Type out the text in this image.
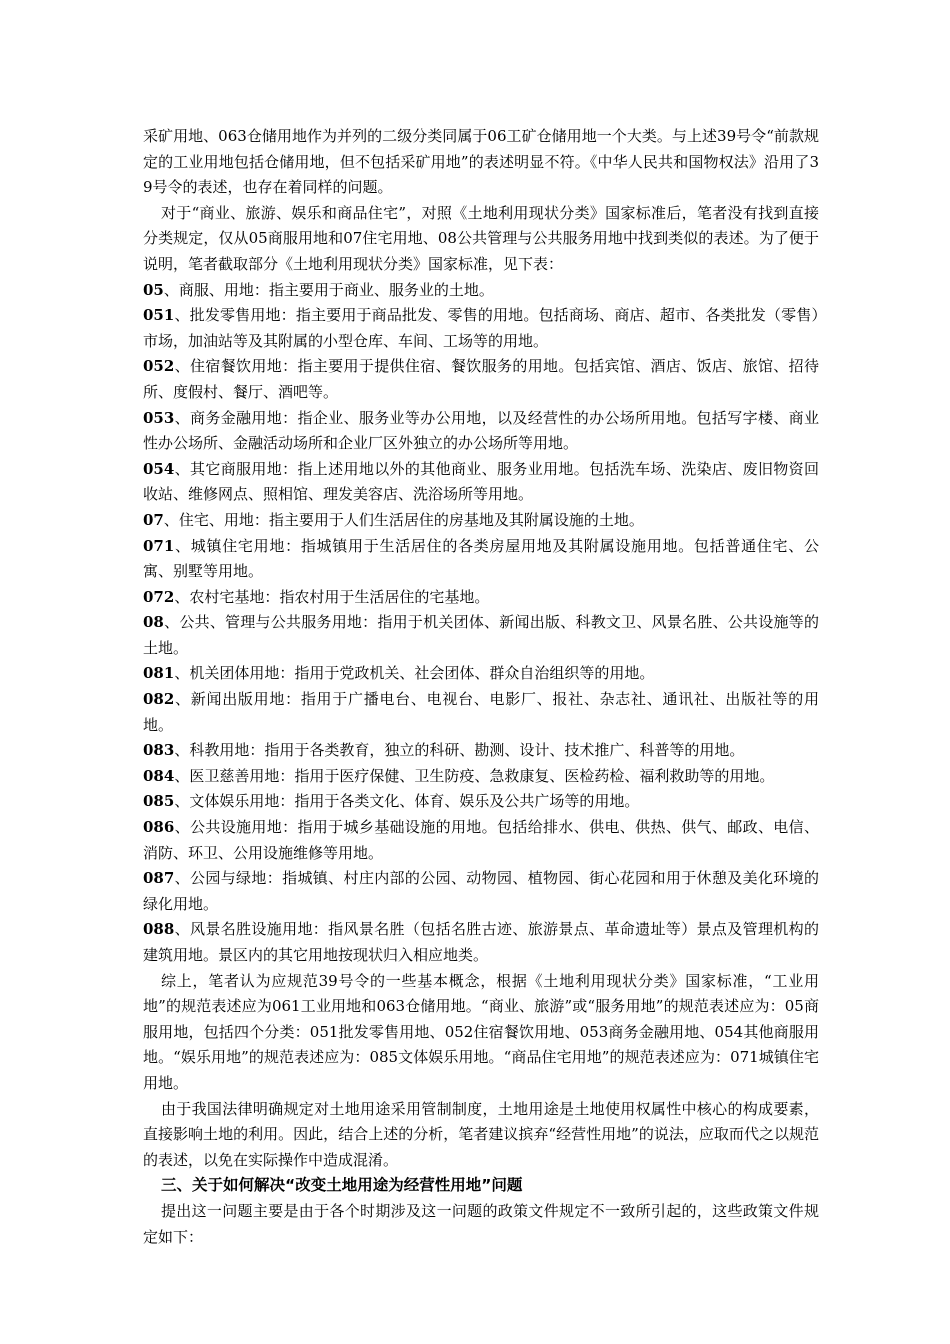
采矿用地、063仓储用地作为并列的二级分类同属于06工矿仓储用地一个大类。与上述39号令“前款规定的工业用地包括仓储用地，但不包括采矿用地”的表述明显不符。《中华人民共和国物权法》沿用了39号令的表述，也存在着同样的问题。

对于“商业、旅游、娱乐和商品住宅”，对照《土地利用现状分类》国家标准后，笔者没有找到直接分类规定，仅从05商服用地和07住宅用地、08公共管理与公共服务用地中找到类似的表述。为了便于说明，笔者截取部分《土地利用现状分类》国家标准，见下表：

05、商服、用地：指主要用于商业、服务业的土地。

051、批发零售用地：指主要用于商品批发、零售的用地。包括商场、商店、超市、各类批发（零售）市场，加油站等及其附属的小型仓库、车间、工场等的用地。

052、住宿餐饮用地：指主要用于提供住宿、餐饮服务的用地。包括宾馆、酒店、饭店、旅馆、招待所、度假村、餐厅、酒吧等。

053、商务金融用地：指企业、服务业等办公用地，以及经营性的办公场所用地。包括写字楼、商业性办公场所、金融活动场所和企业厂区外独立的办公场所等用地。

054、其它商服用地：指上述用地以外的其他商业、服务业用地。包括洗车场、洗染店、废旧物资回收站、维修网点、照相馆、理发美容店、洗浴场所等用地。

07、住宅、用地：指主要用于人们生活居住的房基地及其附属设施的土地。

071、城镇住宅用地：指城镇用于生活居住的各类房屋用地及其附属设施用地。包括普通住宅、公寓、别墅等用地。

072、农村宅基地：指农村用于生活居住的宅基地。

08、公共、管理与公共服务用地：指用于机关团体、新闻出版、科教文卫、风景名胜、公共设施等的土地。

081、机关团体用地：指用于党政机关、社会团体、群众自治组织等的用地。

082、新闻出版用地：指用于广播电台、电视台、电影厂、报社、杂志社、通讯社、出版社等的用地。

083、科教用地：指用于各类教育，独立的科研、勘测、设计、技术推广、科普等的用地。

084、医卫慈善用地：指用于医疗保健、卫生防疫、急救康复、医检药检、福利救助等的用地。

085、文体娱乐用地：指用于各类文化、体育、娱乐及公共广场等的用地。

086、公共设施用地：指用于城乡基础设施的用地。包括给排水、供电、供热、供气、邮政、电信、消防、环卫、公用设施维修等用地。

087、公园与绿地：指城镇、村庄内部的公园、动物园、植物园、街心花园和用于休憩及美化环境的绿化用地。

088、风景名胜设施用地：指风景名胜（包括名胜古迹、旅游景点、革命遗址等）景点及管理机构的建筑用地。景区内的其它用地按现状归入相应地类。

综上，笔者认为应规范39号令的一些基本概念，根据《土地利用现状分类》国家标准，“工业用地”的规范表述应为061工业用地和063仓储用地。“商业、旅游”或“服务用地”的规范表述应为：05商服用地，包括四个分类：051批发零售用地、052住宿餐饮用地、053商务金融用地、054其他商服用地。“娱乐用地”的规范表述应为：085文体娱乐用地。“商品住宅用地”的规范表述应为：071城镇住宅用地。

由于我国法律明确规定对土地用途采用管制制度，土地用途是土地使用权属性中核心的构成要素，直接影响土地的利用。因此，结合上述的分析，笔者建议摈弃“经营性用地”的说法，应取而代之以规范的表述，以免在实际操作中造成混淆。

三、关于如何解决“改变土地用途为经营性用地”问题

提出这一问题主要是由于各个时期涉及这一问题的政策文件规定不一致所引起的，这些政策文件规定如下：
